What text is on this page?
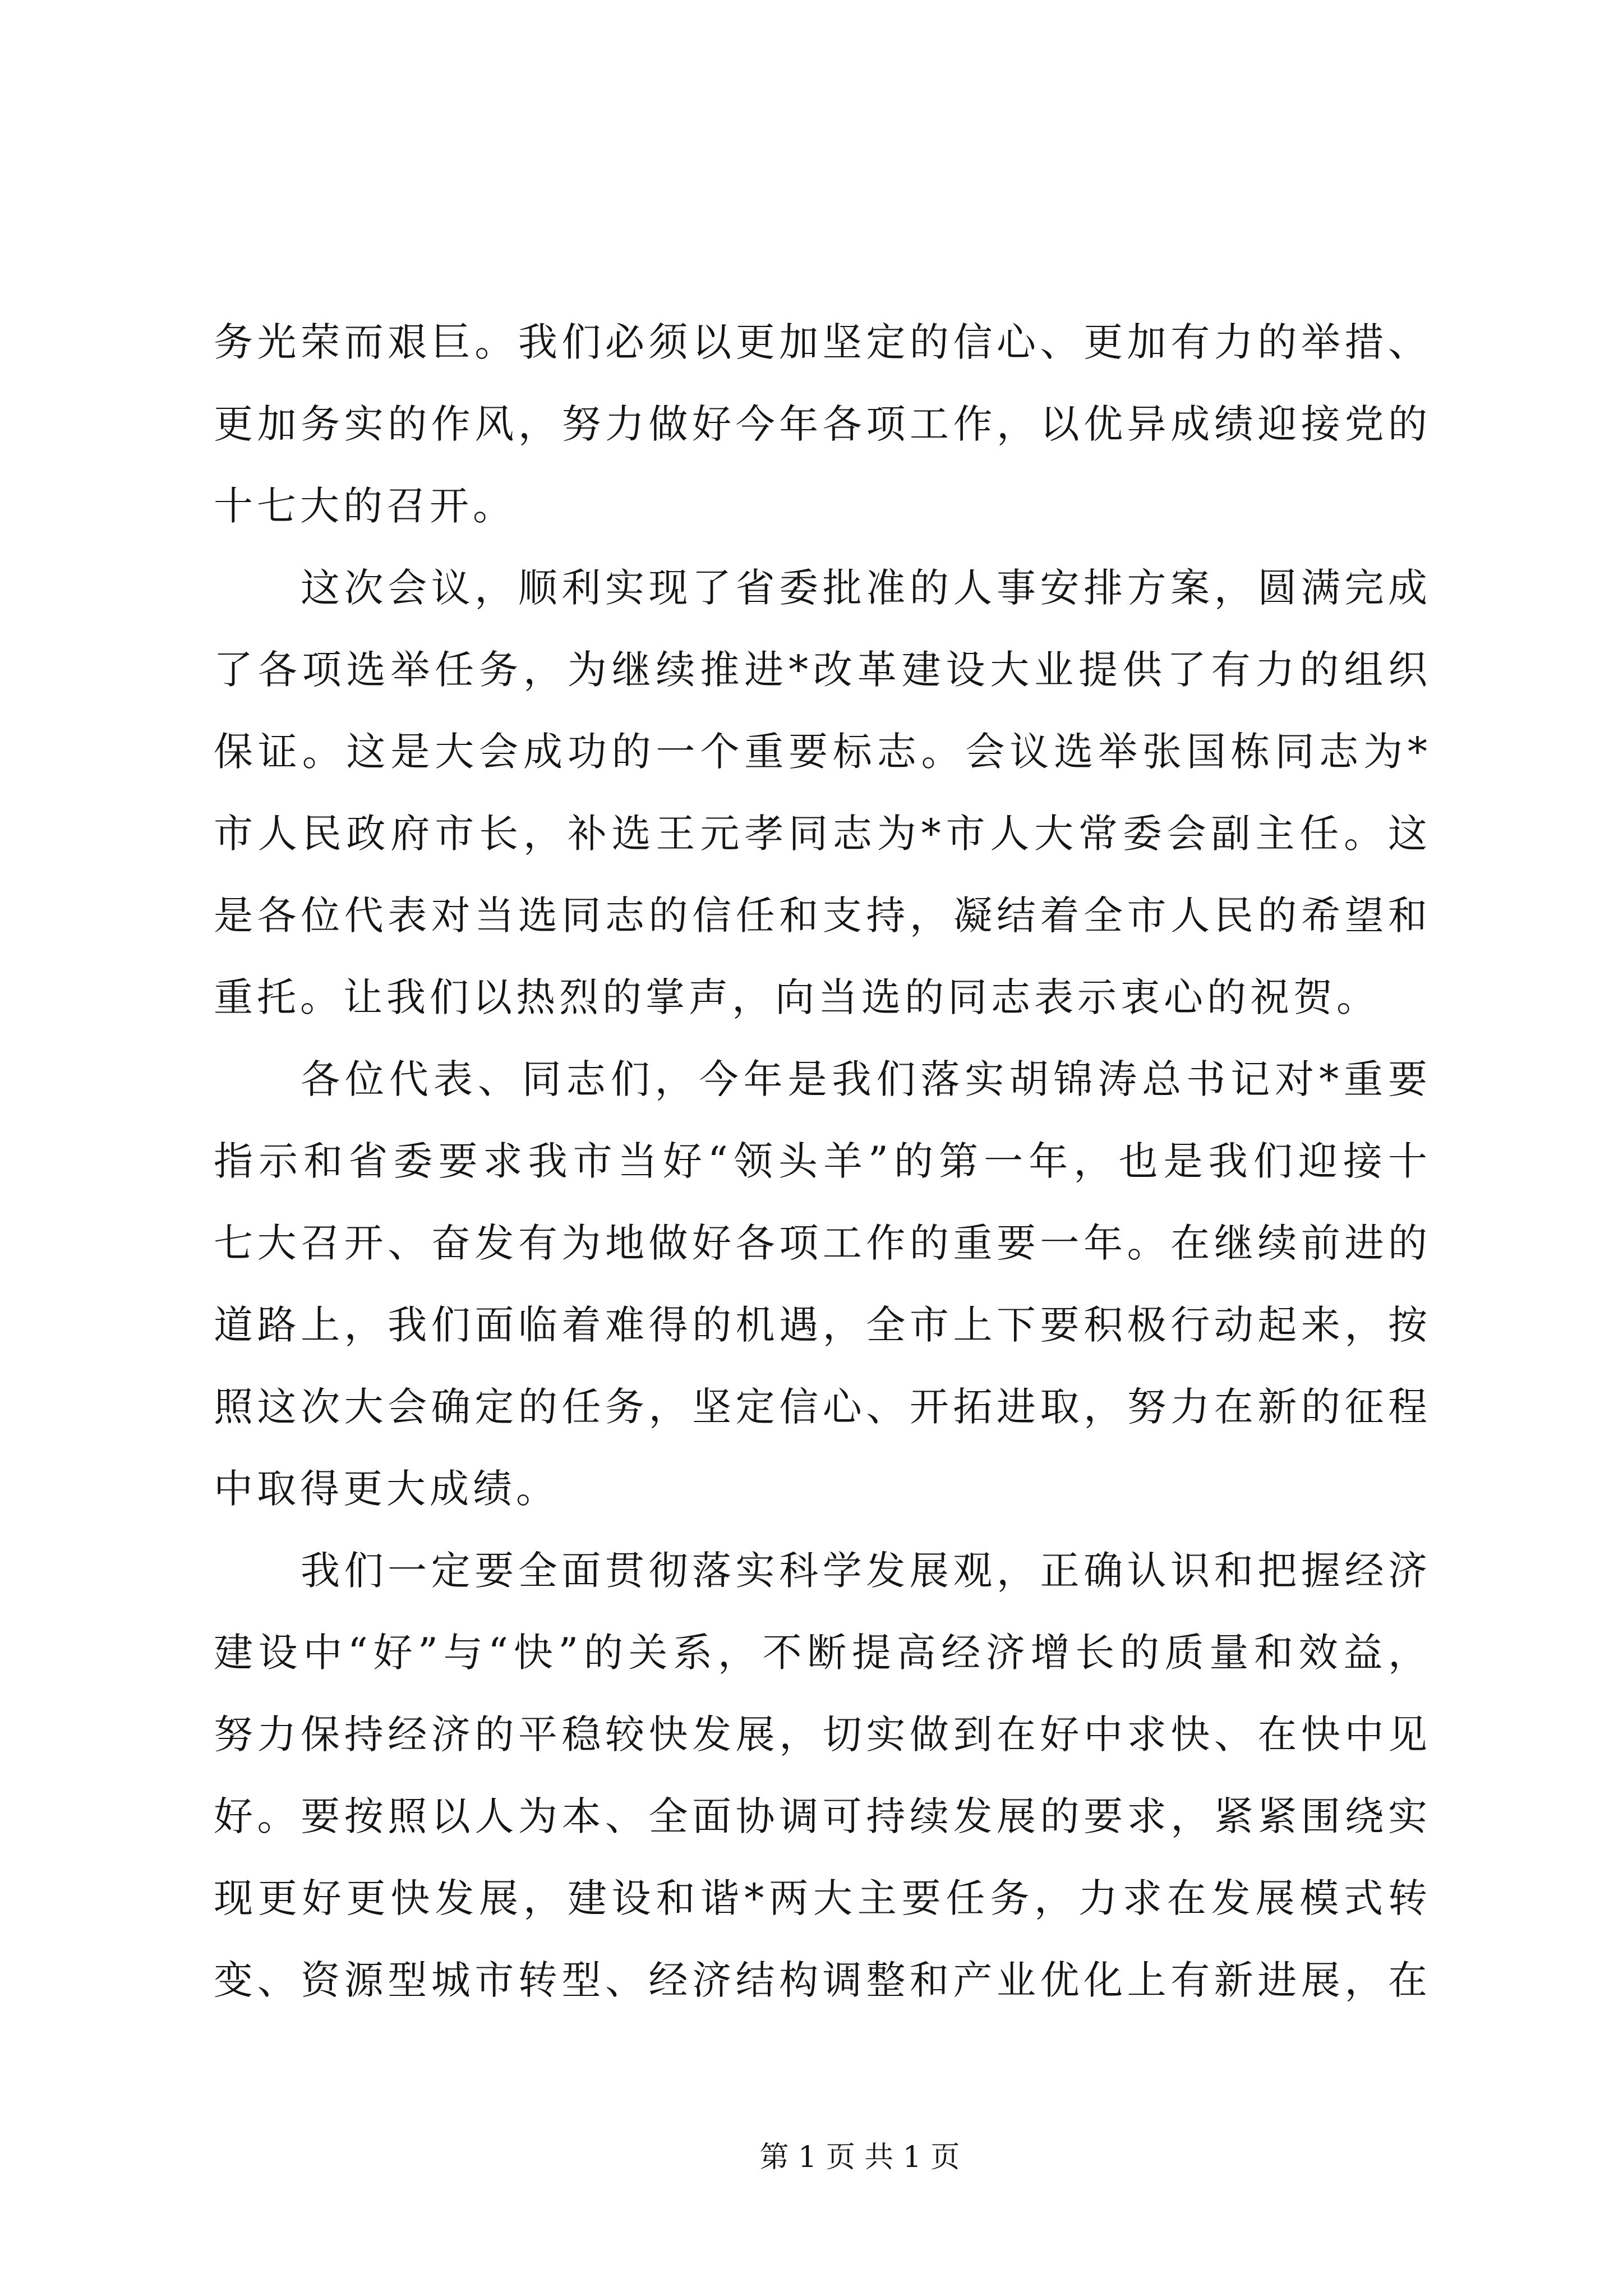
务光荣而艰巨。我们必须以更加坚定的信心、更加有力的举措、
更加务实的作风，努力做好今年各项工作，以优异成绩迎接党的
十七大的召开。
这次会议，顺利实现了省委批准的人事安排方案，圆满完成
了各项选举任务，为继续推进*改革建设大业提供了有力的组织
保证。这是大会成功的一个重要标志。会议选举张国栋同志为*
市人民政府市长，补选王元孝同志为*市人大常委会副主任。这
是各位代表对当选同志的信任和支持，凝结着全市人民的希望和
重托。让我们以热烈的掌声，向当选的同志表示衷心的祝贺。
各位代表、同志们，今年是我们落实胡锦涛总书记对*重要
指示和省委要求我市当好“领头羊”的第一年，也是我们迎接十
七大召开、奋发有为地做好各项工作的重要一年。在继续前进的
道路上，我们面临着难得的机遇，全市上下要积极行动起来，按
照这次大会确定的任务，坚定信心、开拓进取，努力在新的征程
中取得更大成绩。
我们一定要全面贯彻落实科学发展观，正确认识和把握经济
建设中“好”与“快”的关系，不断提高经济增长的质量和效益，
努力保持经济的平稳较快发展，切实做到在好中求快、在快中见
好。要按照以人为本、全面协调可持续发展的要求，紧紧围绕实
现更好更快发展，建设和谐*两大主要任务，力求在发展模式转
变、资源型城市转型、经济结构调整和产业优化上有新进展，在
第 1 页 共 1 页
